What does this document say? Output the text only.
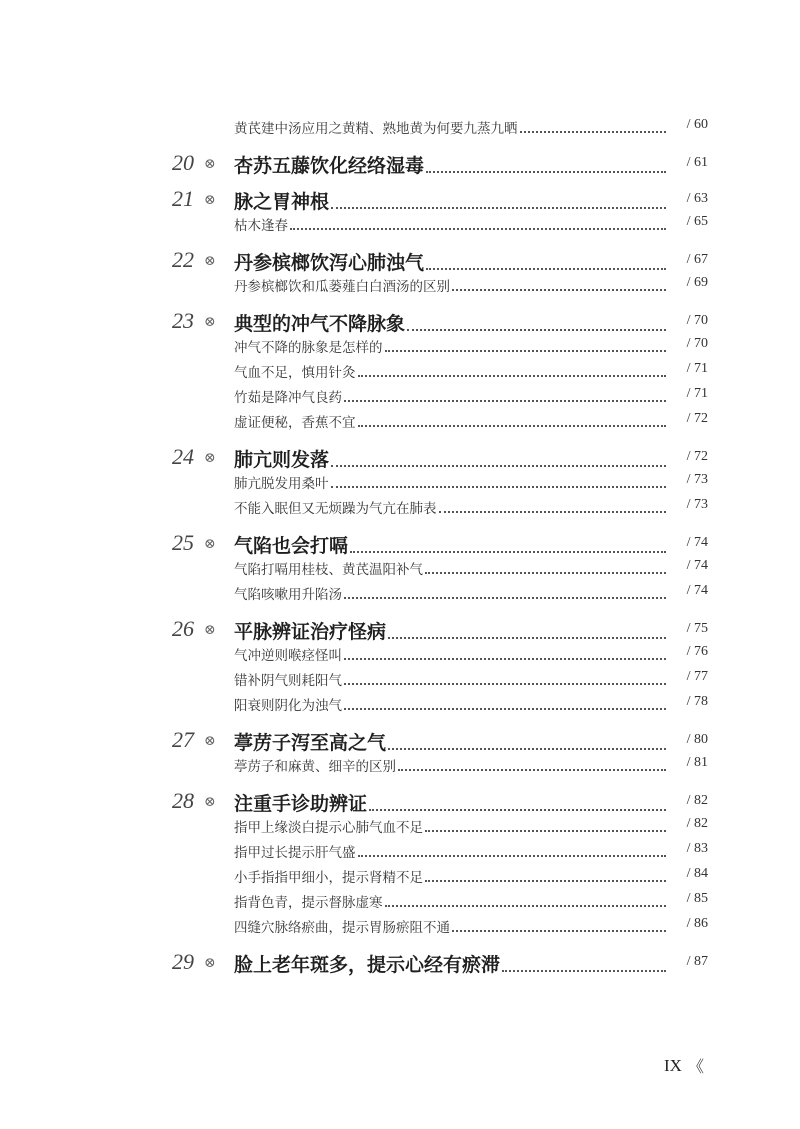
黄芪建中汤应用之黄精、熟地黄为何要九蒸九晒	/ 60
20 ⊗ 杏苏五藤饮化经络湿毒	/ 61
21 ⊗ 脉之胃神根	/ 63
枯木逢春	/ 65
22 ⊗ 丹参槟榔饮泻心肺浊气	/ 67
丹参槟榔饮和瓜蒌薤白白酒汤的区别	/ 69
23 ⊗ 典型的冲气不降脉象	/ 70
冲气不降的脉象是怎样的	/ 70
气血不足，慎用针灸	/ 71
竹茹是降冲气良药	/ 71
虚证便秘，香蕉不宜	/ 72
24 ⊗ 肺亢则发落	/ 72
肺亢脱发用桑叶	/ 73
不能入眠但又无烦躁为气亢在肺表	/ 73
25 ⊗ 气陷也会打嗝	/ 74
气陷打嗝用桂枝、黄芪温阳补气	/ 74
气陷咳嗽用升陷汤	/ 74
26 ⊗ 平脉辨证治疗怪病	/ 75
气冲逆则喉痉怪叫	/ 76
错补阴气则耗阳气	/ 77
阳衰则阴化为浊气	/ 78
27 ⊗ 葶苈子泻至高之气	/ 80
葶苈子和麻黄、细辛的区别	/ 81
28 ⊗ 注重手诊助辨证	/ 82
指甲上缘淡白提示心肺气血不足	/ 82
指甲过长提示肝气盛	/ 83
小手指指甲细小，提示肾精不足	/ 84
指背色青，提示督脉虚寒	/ 85
四缝穴脉络瘀曲，提示胃肠瘀阻不通	/ 86
29 ⊗ 脸上老年斑多，提示心经有瘀滞	/ 87
IX 《
